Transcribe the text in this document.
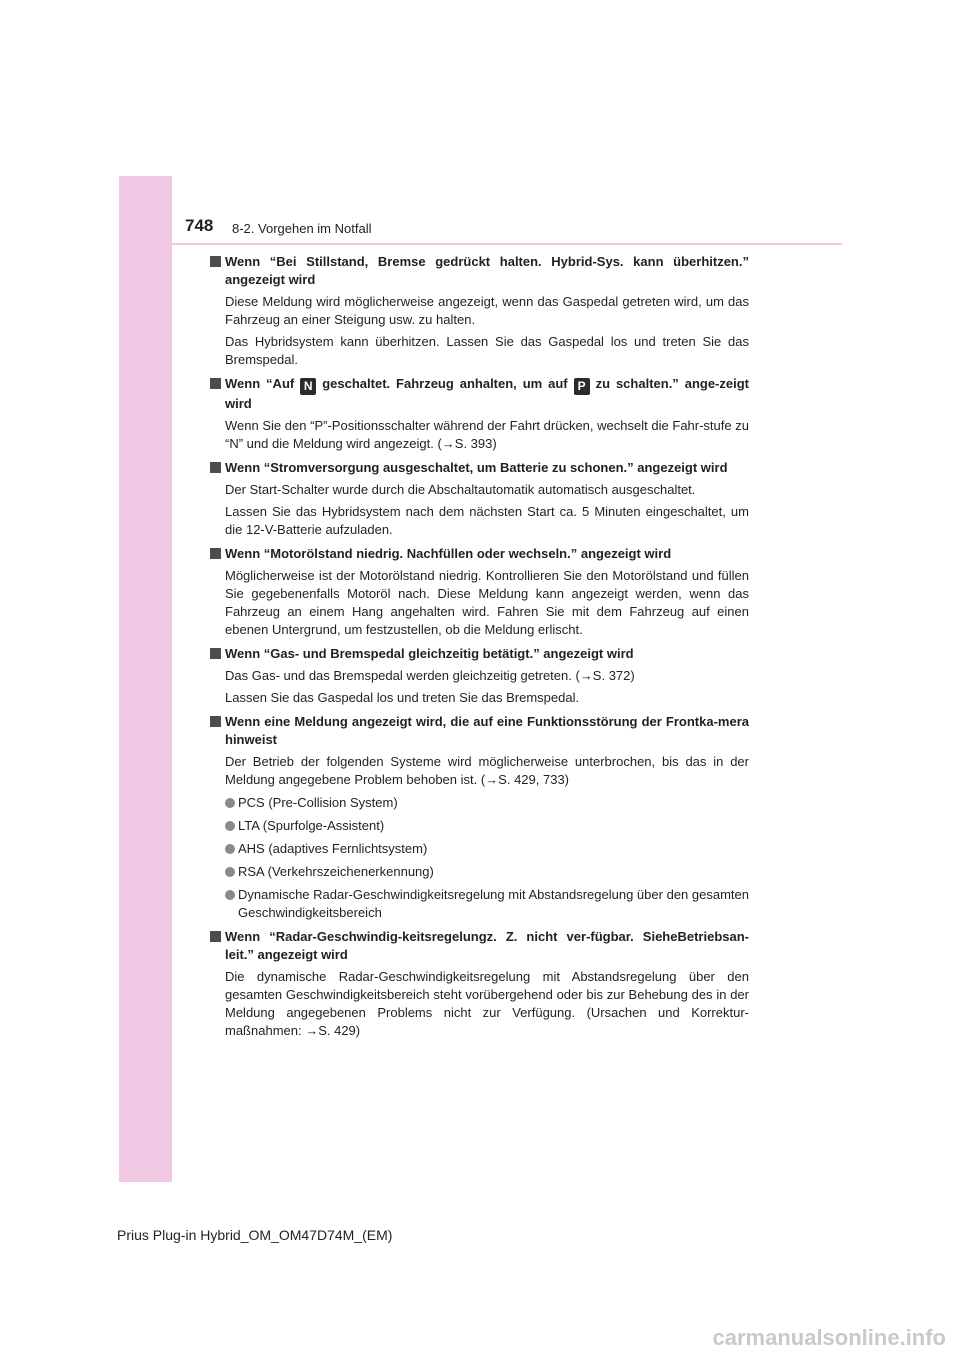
748 8-2. Vorgehen im Notfall
Wenn “Bei Stillstand, Bremse gedrückt halten. Hybrid-Sys. kann überhitzen.” angezeigt wird
Diese Meldung wird möglicherweise angezeigt, wenn das Gaspedal getreten wird, um das Fahrzeug an einer Steigung usw. zu halten.
Das Hybridsystem kann überhitzen. Lassen Sie das Gaspedal los und treten Sie das Bremspedal.
Wenn “Auf N geschaltet. Fahrzeug anhalten, um auf P zu schalten.” ange-zeigt wird
Wenn Sie den “P”-Positionsschalter während der Fahrt drücken, wechselt die Fahr-stufe zu “N” und die Meldung wird angezeigt. (→S. 393)
Wenn “Stromversorgung ausgeschaltet, um Batterie zu schonen.” angezeigt wird
Der Start-Schalter wurde durch die Abschaltautomatik automatisch ausgeschaltet.
Lassen Sie das Hybridsystem nach dem nächsten Start ca. 5 Minuten eingeschaltet, um die 12-V-Batterie aufzuladen.
Wenn “Motorölstand niedrig. Nachfüllen oder wechseln.” angezeigt wird
Möglicherweise ist der Motorölstand niedrig. Kontrollieren Sie den Motorölstand und füllen Sie gegebenenfalls Motoröl nach. Diese Meldung kann angezeigt werden, wenn das Fahrzeug an einem Hang angehalten wird. Fahren Sie mit dem Fahrzeug auf einen ebenen Untergrund, um festzustellen, ob die Meldung erlischt.
Wenn “Gas- und Bremspedal gleichzeitig betätigt.” angezeigt wird
Das Gas- und das Bremspedal werden gleichzeitig getreten. (→S. 372)
Lassen Sie das Gaspedal los und treten Sie das Bremspedal.
Wenn eine Meldung angezeigt wird, die auf eine Funktionsstörung der Frontka-mera hinweist
Der Betrieb der folgenden Systeme wird möglicherweise unterbrochen, bis das in der Meldung angegebene Problem behoben ist. (→S. 429, 733)
PCS (Pre-Collision System)
LTA (Spurfolge-Assistent)
AHS (adaptives Fernlichtsystem)
RSA (Verkehrszeichenerkennung)
Dynamische Radar-Geschwindigkeitsregelung mit Abstandsregelung über den gesamten Geschwindigkeitsbereich
Wenn “Radar-Geschwindig-keitsregelungz. Z. nicht ver-fügbar. SieheBetriebsan-leit.” angezeigt wird
Die dynamische Radar-Geschwindigkeitsregelung mit Abstandsregelung über den gesamten Geschwindigkeitsbereich steht vorübergehend oder bis zur Behebung des in der Meldung angegebenen Problems nicht zur Verfügung. (Ursachen und Korrektur-maßnahmen: →S. 429)
Prius Plug-in Hybrid_OM_OM47D74M_(EM)
carmanualsonline.info
